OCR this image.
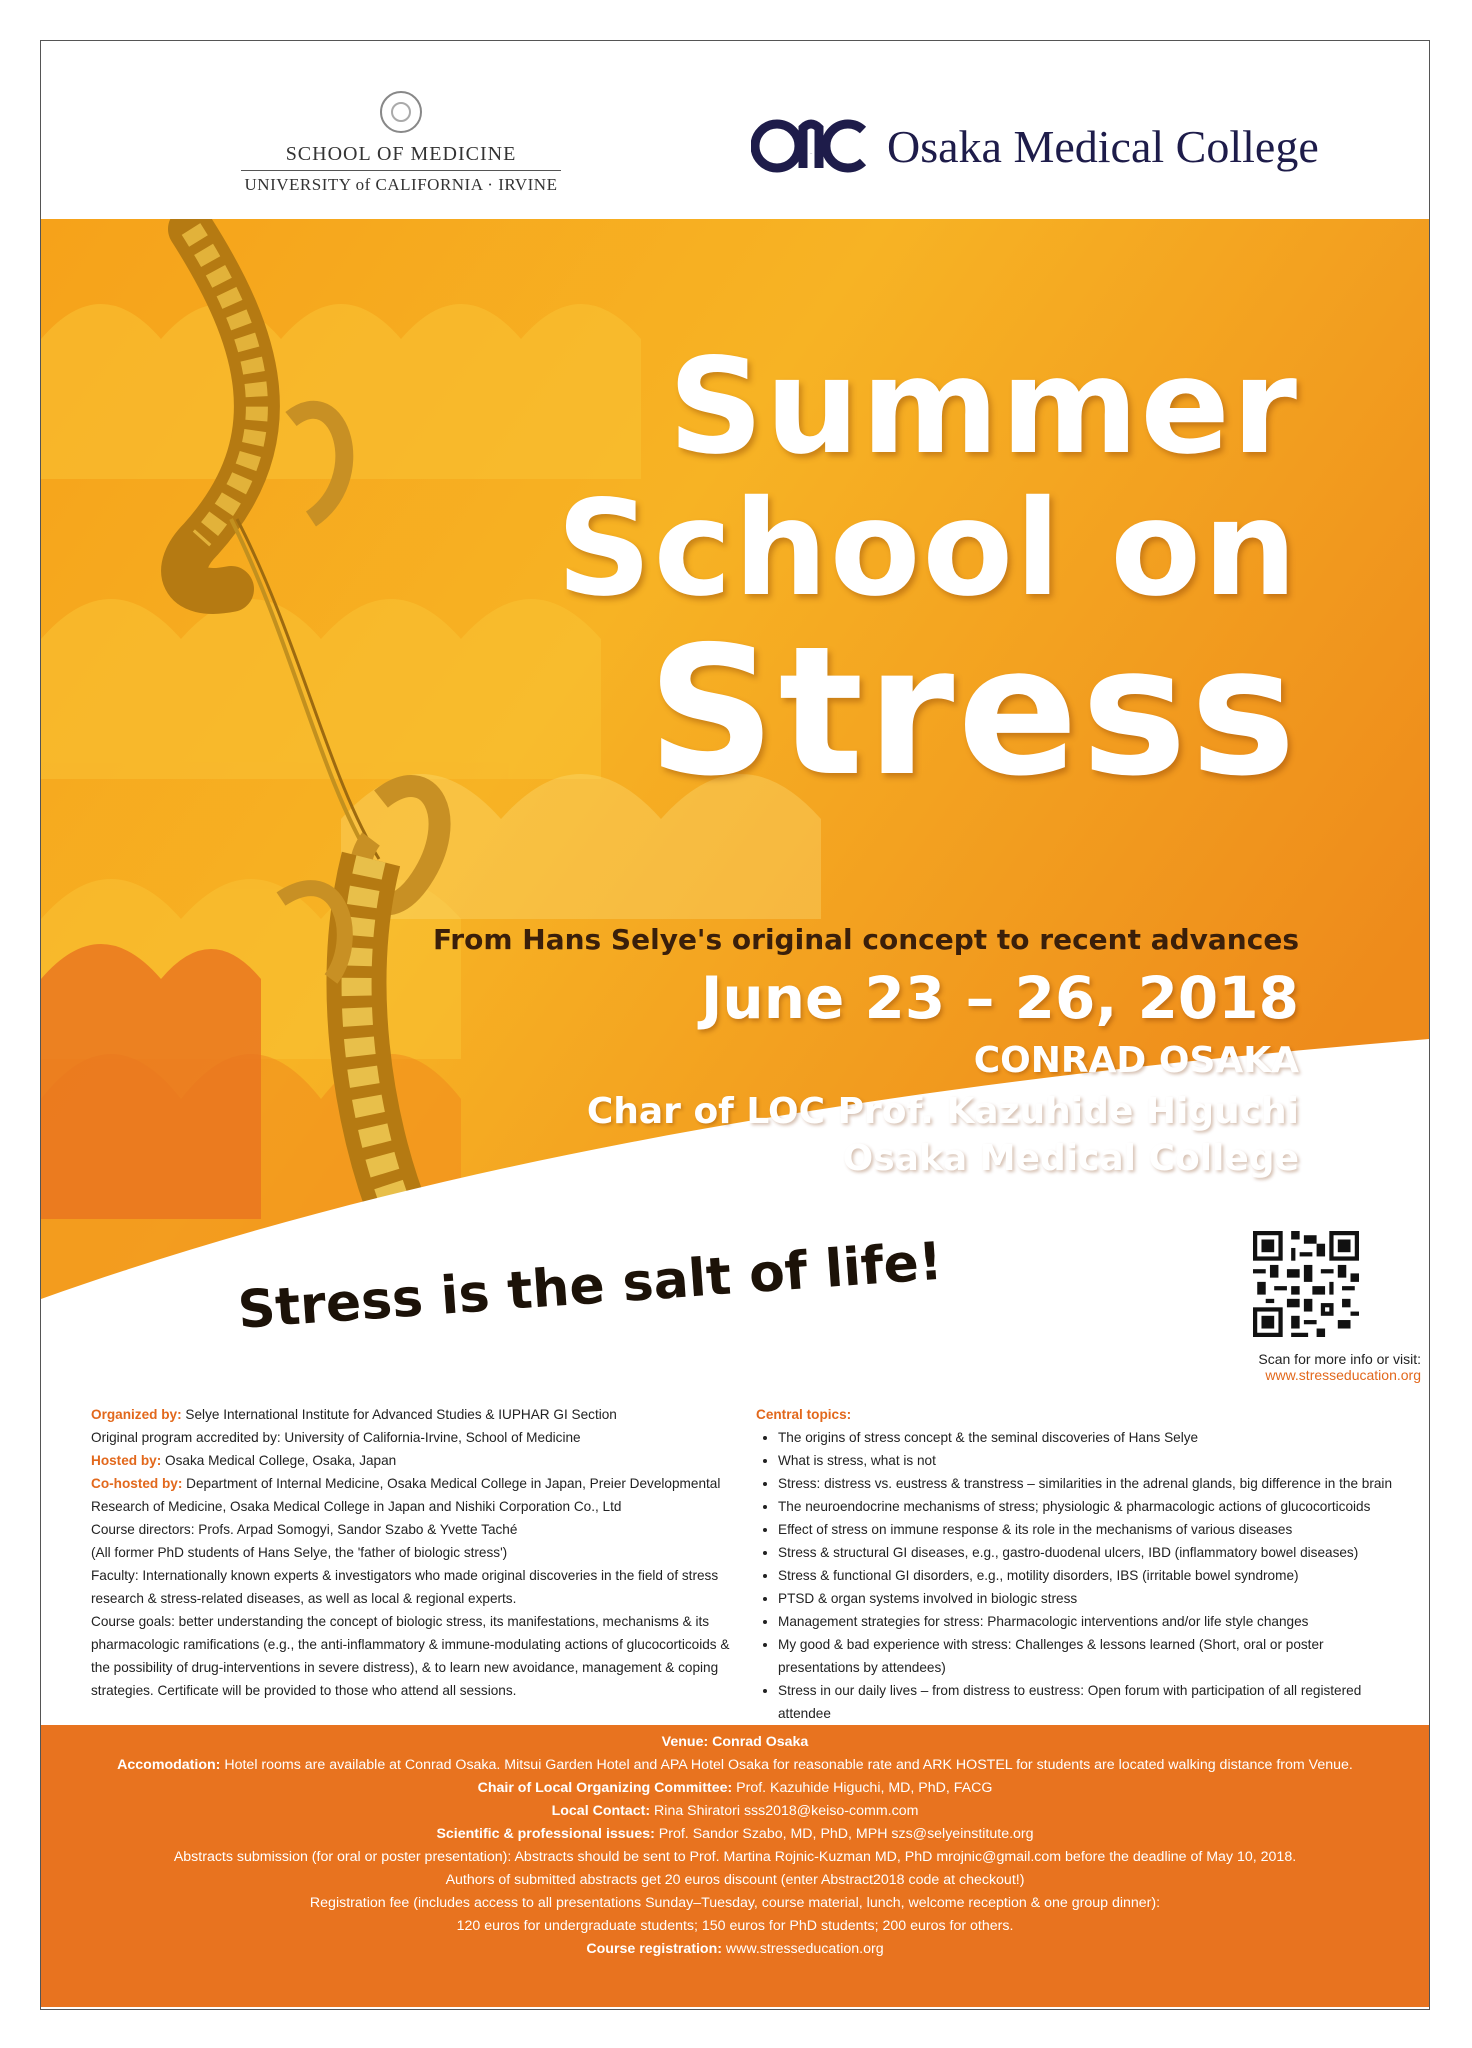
SCHOOL OF MEDICINE
UNIVERSITY of CALIFORNIA · IRVINE
OMC Osaka Medical College
Summer
School on
Stress
From Hans Selye's original concept to recent advances
June 23 – 26, 2018
CONRAD OSAKA
Char of LOC Prof. Kazuhide Higuchi
Osaka Medical College
Stress is the salt of life!
Scan for more info or visit:
www.stresseducation.org
Organized by: Selye International Institute for Advanced Studies & IUPHAR GI Section
Original program accredited by: University of California-Irvine, School of Medicine
Hosted by: Osaka Medical College, Osaka, Japan
Co-hosted by: Department of Internal Medicine, Osaka Medical College in Japan, Preier Developmental Research of Medicine, Osaka Medical College in Japan and Nishiki Corporation Co., Ltd
Course directors: Profs. Arpad Somogyi, Sandor Szabo & Yvette Taché
(All former PhD students of Hans Selye, the 'father of biologic stress')
Faculty: Internationally known experts & investigators who made original discoveries in the field of stress research & stress-related diseases, as well as local & regional experts.
Course goals: better understanding the concept of biologic stress, its manifestations, mechanisms & its pharmacologic ramifications (e.g., the anti-inflammatory & immune-modulating actions of glucocorticoids & the possibility of drug-interventions in severe distress), & to learn new avoidance, management & coping strategies. Certificate will be provided to those who attend all sessions.
Central topics:
• The origins of stress concept & the seminal discoveries of Hans Selye
• What is stress, what is not
• Stress: distress vs. eustress & transtress – similarities in the adrenal glands, big difference in the brain
• The neuroendocrine mechanisms of stress; physiologic & pharmacologic actions of glucocorticoids
• Effect of stress on immune response & its role in the mechanisms of various diseases
• Stress & structural GI diseases, e.g., gastro-duodenal ulcers, IBD (inflammatory bowel diseases)
• Stress & functional GI disorders, e.g., motility disorders, IBS (irritable bowel syndrome)
• PTSD & organ systems involved in biologic stress
• Management strategies for stress: Pharmacologic interventions and/or life style changes
• My good & bad experience with stress: Challenges & lessons learned (Short, oral or poster presentations by attendees)
• Stress in our daily lives – from distress to eustress: Open forum with participation of all registered attendee
Venue: Conrad Osaka
Accomodation: Hotel rooms are available at Conrad Osaka. Mitsui Garden Hotel and APA Hotel Osaka for reasonable rate and ARK HOSTEL for students are located walking distance from Venue.
Chair of Local Organizing Committee: Prof. Kazuhide Higuchi, MD, PhD, FACG
Local Contact: Rina Shiratori sss2018@keiso-comm.com
Scientific & professional issues: Prof. Sandor Szabo, MD, PhD, MPH szs@selyeinstitute.org
Abstracts submission (for oral or poster presentation): Abstracts should be sent to Prof. Martina Rojnic-Kuzman MD, PhD mrojnic@gmail.com before the deadline of May 10, 2018.
Authors of submitted abstracts get 20 euros discount (enter Abstract2018 code at checkout!)
Registration fee (includes access to all presentations Sunday–Tuesday, course material, lunch, welcome reception & one group dinner):
120 euros for undergraduate students; 150 euros for PhD students; 200 euros for others.
Course registration: www.stresseducation.org
